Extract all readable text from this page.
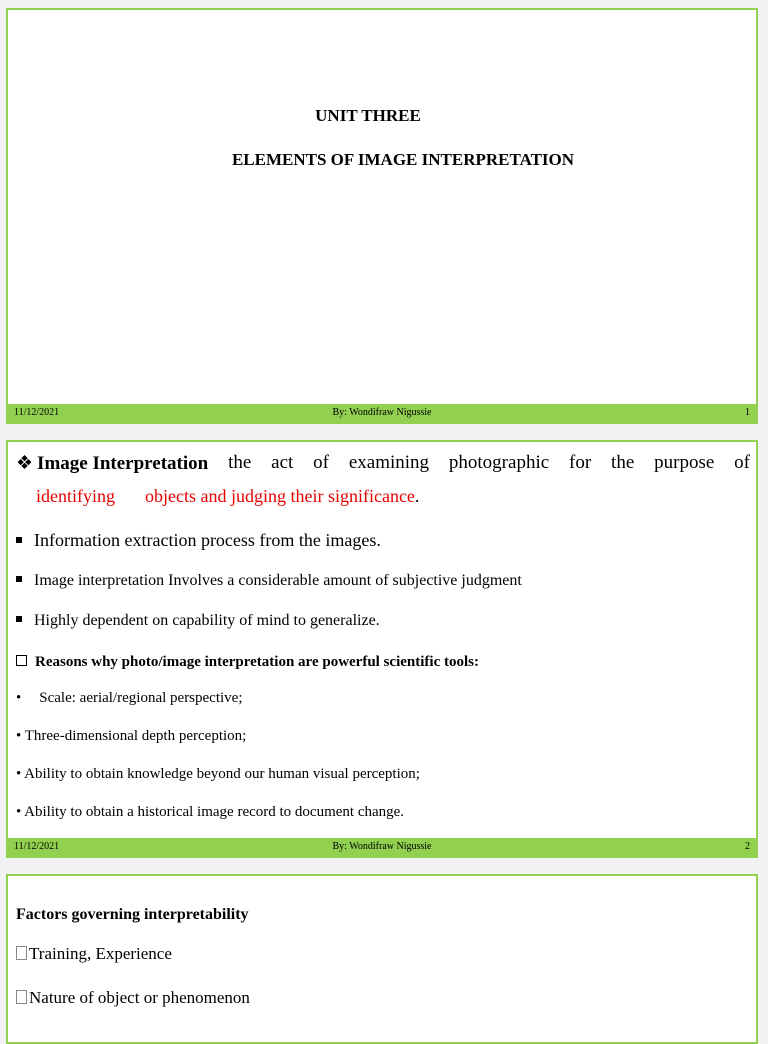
UNIT THREE
ELEMENTS OF IMAGE INTERPRETATION
11/12/2021	By: Wondifraw Nigussie	1
❖ Image Interpretation the act of examining photographic for the purpose of
identifying objects and judging their significance.
Information extraction process from the images.
Image interpretation Involves a considerable amount of subjective judgment
Highly dependent on capability of mind to generalize.
Reasons why photo/image interpretation are powerful scientific tools:
• Scale: aerial/regional perspective;
• Three-dimensional depth perception;
• Ability to obtain knowledge beyond our human visual perception;
• Ability to obtain a historical image record to document change.
11/12/2021	By: Wondifraw Nigussie	2
Factors governing interpretability
Training, Experience
Nature of object or phenomenon
